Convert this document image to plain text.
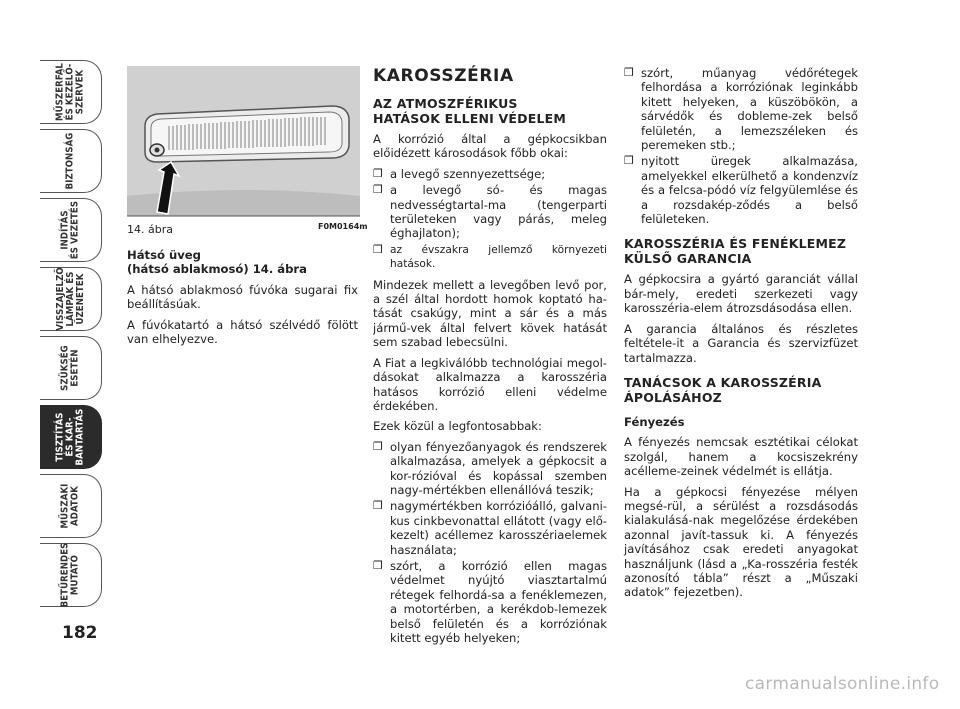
MŰSZERFAL
ÉS KEZELŐ-
SZERVEK
BIZTONSÁG
INDÍTÁS
ÉS VEZETÉS
VISSZAJELZŐ
LÁMPÁK ÉS
ÜZENETEK
SZÜKSÉG
ESETÉN
TISZTÍTÁS
ÉS KAR-
BANTARTÁS
MŰSZAKI
ADATOK
BETŰRENDES
MUTATÓ
182
14. ábra	F0M0164m
Hátsó üveg
(hátsó ablakmosó) 14. ábra

A hátsó ablakmosó fúvóka sugarai fix beállításúak.

A fúvókatartó a hátsó szélvédő fölött van elhelyezve.

KAROSSZÉRIA
AZ ATMOSZFÉRIKUS
HATÁSOK ELLENI VÉDELEM

A korrózió által a gépkocsikban előidézett károsodások főbb okai:

❒ a levegő szennyezettsége;
❒ a levegő só- és magas nedvességtartal-ma (tengerparti területeken vagy párás, meleg éghajlaton);
❒ az évszakra jellemző környezeti hatások.

Mindezek mellett a levegőben levő por, a szél által hordott homok koptató ha-tását csakúgy, mint a sár és a más jármű-vek által felvert kövek hatását sem szabad lebecsülni.

A Fiat a legkiválóbb technológiai megol-dásokat alkalmazza a karosszéria hatásos korrózió elleni védelme érdekében.

Ezek közül a legfontosabbak:

❒ olyan fényezőanyagok és rendszerek alkalmazása, amelyek a gépkocsit a kor-rózióval és kopással szemben nagy-mértékben ellenállóvá teszik;
❒ nagymértékben korrózióálló, galvani-kus cinkbevonattal ellátott (vagy elő-kezelt) acéllemez karosszériaelemek használata;
❒ szórt, a korrózió ellen magas védelmet nyújtó viasztartalmú rétegek felhordá-sa a fenéklemezen, a motortérben, a kerékdob-lemezek belső felületén és a korróziónak kitett egyéb helyeken;
❒ szórt, műanyag védőrétegek felhordása a korróziónak leginkább kitett helyeken, a küszöbökön, a sárvédők és dobleme-zek belső felületén, a lemezszéleken és peremeken stb.;
❒ nyitott üregek alkalmazása, amelyekkel elkerülhető a kondenzvíz és a felcsa-pódó víz felgyülemlése és a rozsdakép-ződés a belső felületeken.
KAROSSZÉRIA ÉS FENÉKLEMEZ
KÜLSŐ GARANCIA

A gépkocsira a gyártó garanciát vállal bár-mely, eredeti szerkezeti vagy karosszéria-elem átrozsdásodása ellen.

A garancia általános és részletes feltétele-it a Garancia és szervizfüzet tartalmazza.

TANÁCSOK A KAROSSZÉRIA
ÁPOLÁSÁHOZ
Fényezés

A fényezés nemcsak esztétikai célokat szolgál, hanem a kocsiszekrény acélleme-zeinek védelmét is ellátja.

Ha a gépkocsi fényezése mélyen megsé-rül, a sérülést a rozsdásodás kialakulásá-nak megelőzése érdekében azonnal javít-tassuk ki. A fényezés javításához csak eredeti anyagokat használjunk (lásd a „Ka-rosszéria festék azonosító tábla” részt a „Műszaki adatok” fejezetben).

carmanualsonline.info
